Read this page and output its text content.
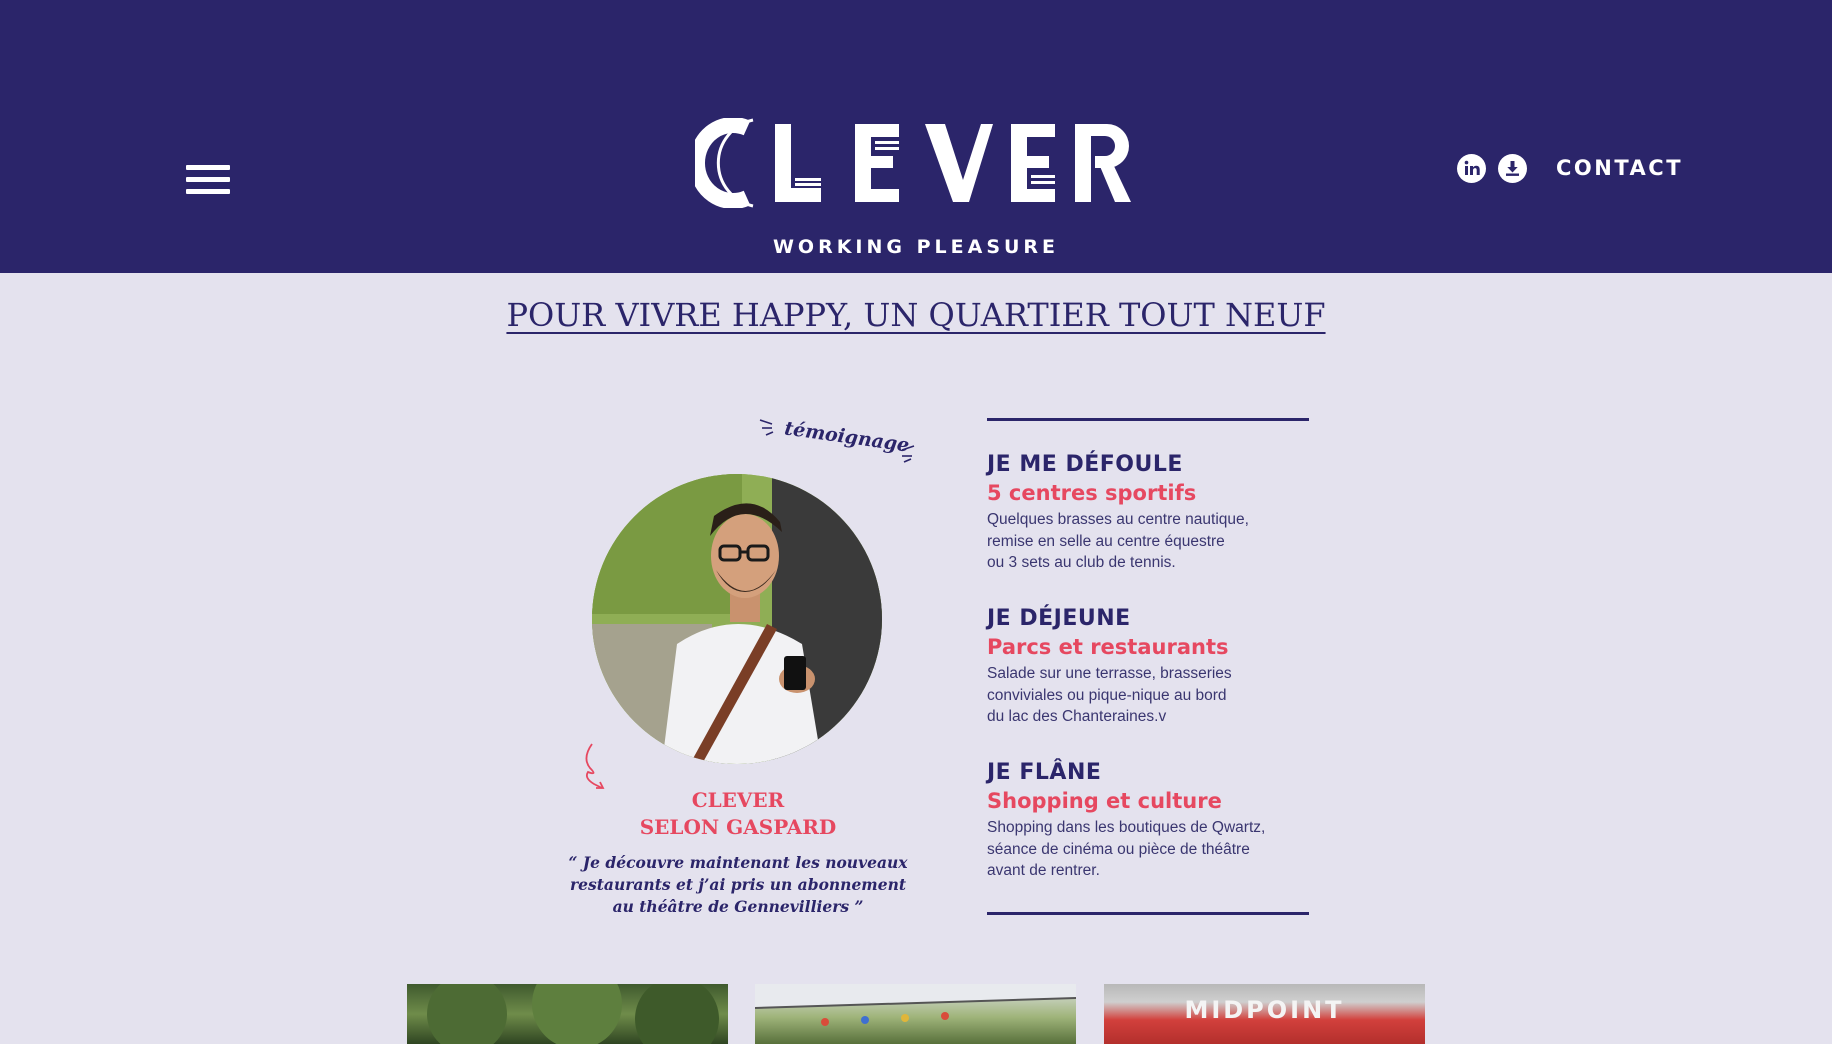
WORKING PLEASURE
CONTACT
POUR VIVRE HAPPY, UN QUARTIER TOUT NEUF
témoignage
CLEVER
SELON GASPARD
“ Je découvre maintenant les nouveaux
restaurants et j’ai pris un abonnement
au théâtre de Gennevilliers ”
JE ME DÉFOULE
5 centres sportifs
Quelques brasses au centre nautique,
remise en selle au centre équestre
ou 3 sets au club de tennis.
JE DÉJEUNE
Parcs et restaurants
Salade sur une terrasse, brasseries
conviviales ou pique-nique au bord
du lac des Chanteraines.v
JE FLÂNE
Shopping et culture
Shopping dans les boutiques de Qwartz,
séance de cinéma ou pièce de théâtre
avant de rentrer.
MIDPOINT
